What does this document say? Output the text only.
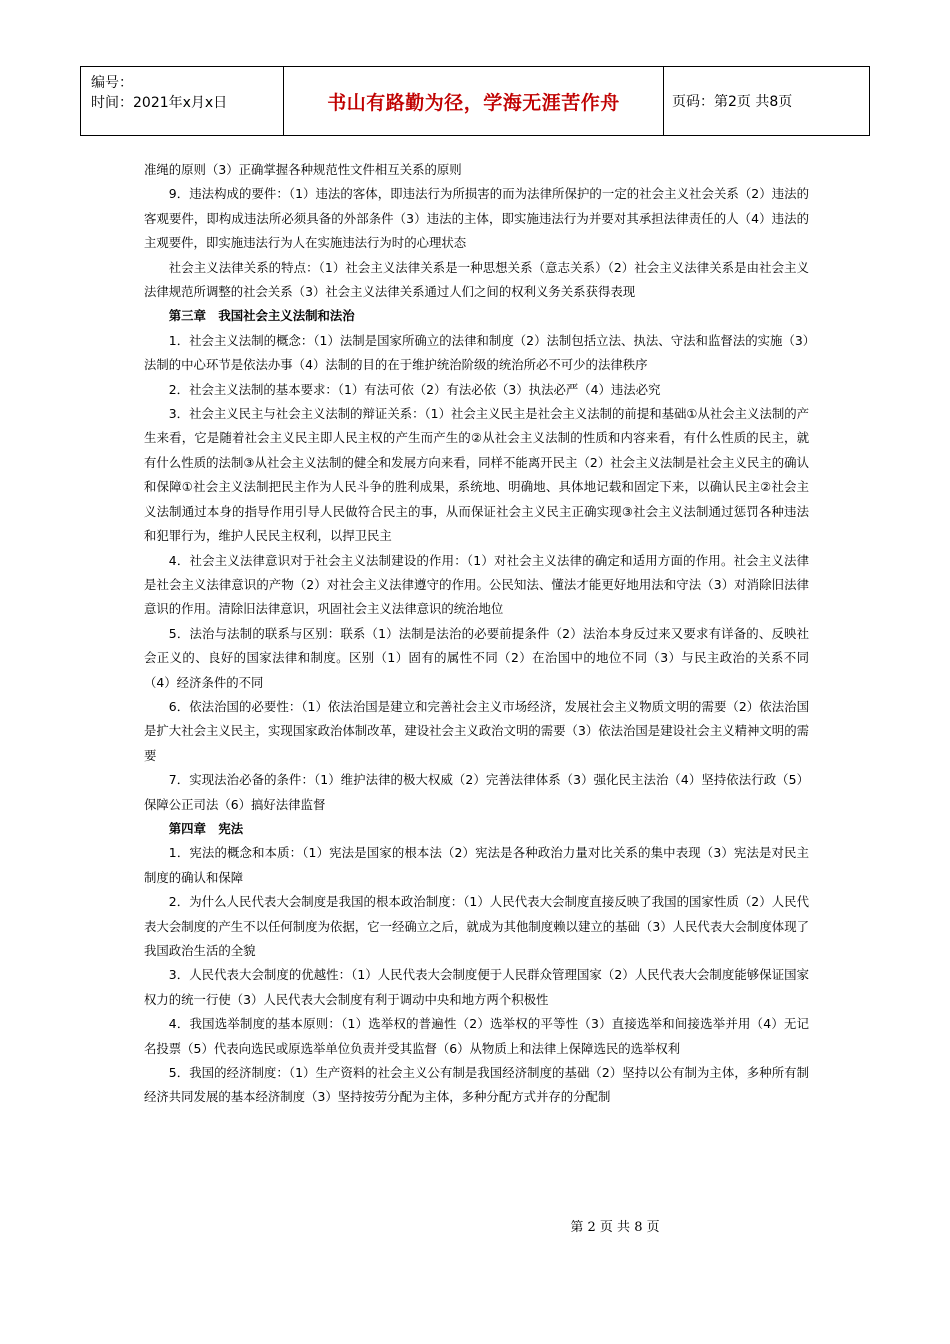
编号：
时间：2021年x月x日	书山有路勤为径，学海无涯苦作舟	页码：第2页 共8页

准绳的原则（3）正确掌握各种规范性文件相互关系的原则

9．违法构成的要件：（1）违法的客体，即违法行为所损害的而为法律所保护的一定的社会主义社会关系（2）违法的客观要件，即构成违法所必须具备的外部条件（3）违法的主体，即实施违法行为并要对其承担法律责任的人（4）违法的主观要件，即实施违法行为人在实施违法行为时的心理状态

社会主义法律关系的特点：（1）社会主义法律关系是一种思想关系（意志关系）（2）社会主义法律关系是由社会主义法律规范所调整的社会关系（3）社会主义法律关系通过人们之间的权利义务关系获得表现

第三章　我国社会主义法制和法治

1．社会主义法制的概念：（1）法制是国家所确立的法律和制度（2）法制包括立法、执法、守法和监督法的实施（3）法制的中心环节是依法办事（4）法制的目的在于维护统治阶级的统治所必不可少的法律秩序

2．社会主义法制的基本要求：（1）有法可依（2）有法必依（3）执法必严（4）违法必究

3．社会主义民主与社会主义法制的辩证关系：（1）社会主义民主是社会主义法制的前提和基础①从社会主义法制的产生来看，它是随着社会主义民主即人民主权的产生而产生的②从社会主义法制的性质和内容来看，有什么性质的民主，就有什么性质的法制③从社会主义法制的健全和发展方向来看，同样不能离开民主（2）社会主义法制是社会主义民主的确认和保障①社会主义法制把民主作为人民斗争的胜利成果，系统地、明确地、具体地记载和固定下来，以确认民主②社会主义法制通过本身的指导作用引导人民做符合民主的事，从而保证社会主义民主正确实现③社会主义法制通过惩罚各种违法和犯罪行为，维护人民民主权利，以捍卫民主

4．社会主义法律意识对于社会主义法制建设的作用：（1）对社会主义法律的确定和适用方面的作用。社会主义法律是社会主义法律意识的产物（2）对社会主义法律遵守的作用。公民知法、懂法才能更好地用法和守法（3）对消除旧法律意识的作用。清除旧法律意识，巩固社会主义法律意识的统治地位

5．法治与法制的联系与区别：联系（1）法制是法治的必要前提条件（2）法治本身反过来又要求有详备的、反映社会正义的、良好的国家法律和制度。区别（1）固有的属性不同（2）在治国中的地位不同（3）与民主政治的关系不同（4）经济条件的不同

6．依法治国的必要性：（1）依法治国是建立和完善社会主义市场经济，发展社会主义物质文明的需要（2）依法治国是扩大社会主义民主，实现国家政治体制改革，建设社会主义政治文明的需要（3）依法治国是建设社会主义精神文明的需要

7．实现法治必备的条件：（1）维护法律的极大权威（2）完善法律体系（3）强化民主法治（4）坚持依法行政（5）保障公正司法（6）搞好法律监督

第四章　宪法

1．宪法的概念和本质：（1）宪法是国家的根本法（2）宪法是各种政治力量对比关系的集中表现（3）宪法是对民主制度的确认和保障

2．为什么人民代表大会制度是我国的根本政治制度：（1）人民代表大会制度直接反映了我国的国家性质（2）人民代表大会制度的产生不以任何制度为依据，它一经确立之后，就成为其他制度赖以建立的基础（3）人民代表大会制度体现了我国政治生活的全貌

3．人民代表大会制度的优越性：（1）人民代表大会制度便于人民群众管理国家（2）人民代表大会制度能够保证国家权力的统一行使（3）人民代表大会制度有利于调动中央和地方两个积极性

4．我国选举制度的基本原则：（1）选举权的普遍性（2）选举权的平等性（3）直接选举和间接选举并用（4）无记名投票（5）代表向选民或原选举单位负责并受其监督（6）从物质上和法律上保障选民的选举权利

5．我国的经济制度：（1）生产资料的社会主义公有制是我国经济制度的基础（2）坚持以公有制为主体，多种所有制经济共同发展的基本经济制度（3）坚持按劳分配为主体，多种分配方式并存的分配制

第 2 页 共 8 页
